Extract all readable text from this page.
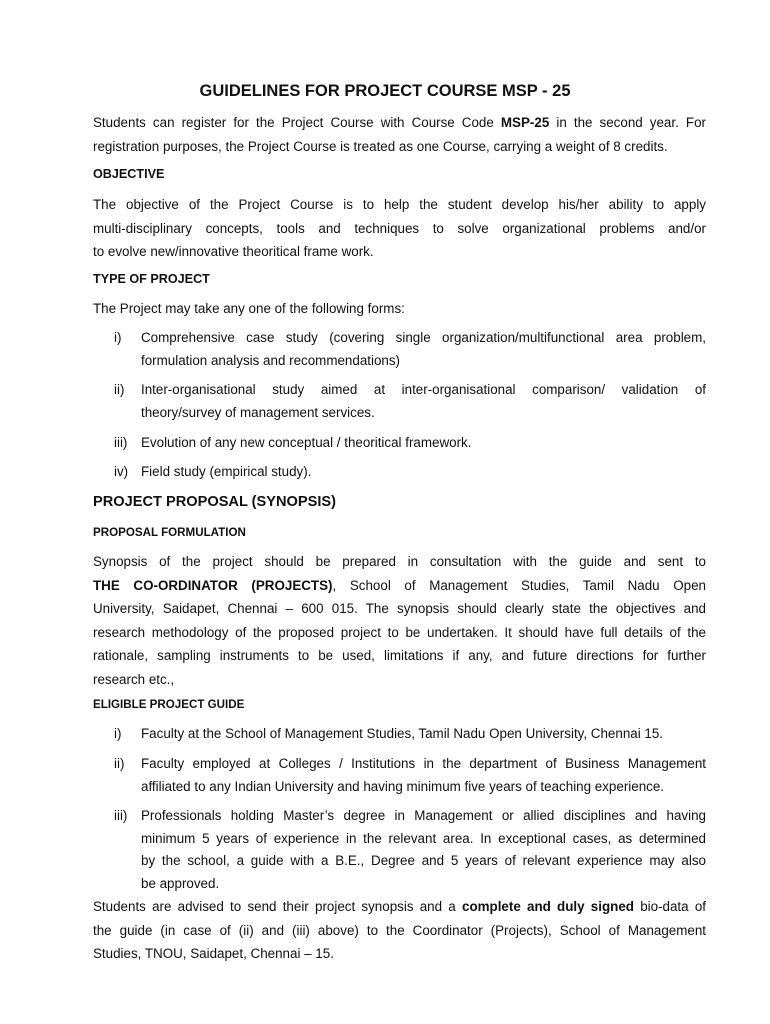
GUIDELINES FOR PROJECT COURSE MSP - 25
Students can register for the Project Course with Course Code MSP-25 in the second year. For
registration purposes, the Project Course is treated as one Course, carrying a weight of 8 credits.
OBJECTIVE
The objective of the Project Course is to help the student develop his/her ability to apply
multi-disciplinary concepts, tools and techniques to solve organizational problems and/or
to evolve new/innovative theoritical frame work.
TYPE OF PROJECT
The Project may take any one of the following forms:
i) Comprehensive case study (covering single organization/multifunctional area problem,
formulation analysis and recommendations)
ii) Inter-organisational study aimed at inter-organisational comparison/ validation of
theory/survey of management services.
iii) Evolution of any new conceptual / theoritical framework.
iv) Field study (empirical study).
PROJECT PROPOSAL (SYNOPSIS)
PROPOSAL FORMULATION
Synopsis of the project should be prepared in consultation with the guide and sent to
THE CO-ORDINATOR (PROJECTS), School of Management Studies, Tamil Nadu Open
University, Saidapet, Chennai – 600 015. The synopsis should clearly state the objectives and
research methodology of the proposed project to be undertaken. It should have full details of the
rationale, sampling instruments to be used, limitations if any, and future directions for further
research etc.,
ELIGIBLE PROJECT GUIDE
i) Faculty at the School of Management Studies, Tamil Nadu Open University, Chennai 15.
ii) Faculty employed at Colleges / Institutions in the department of Business Management
affiliated to any Indian University and having minimum five years of teaching experience.
iii) Professionals holding Master’s degree in Management or allied disciplines and having
minimum 5 years of experience in the relevant area. In exceptional cases, as determined
by the school, a guide with a B.E., Degree and 5 years of relevant experience may also
be approved.
Students are advised to send their project synopsis and a complete and duly signed bio-data of
the guide (in case of (ii) and (iii) above) to the Coordinator (Projects), School of Management
Studies, TNOU, Saidapet, Chennai – 15.
